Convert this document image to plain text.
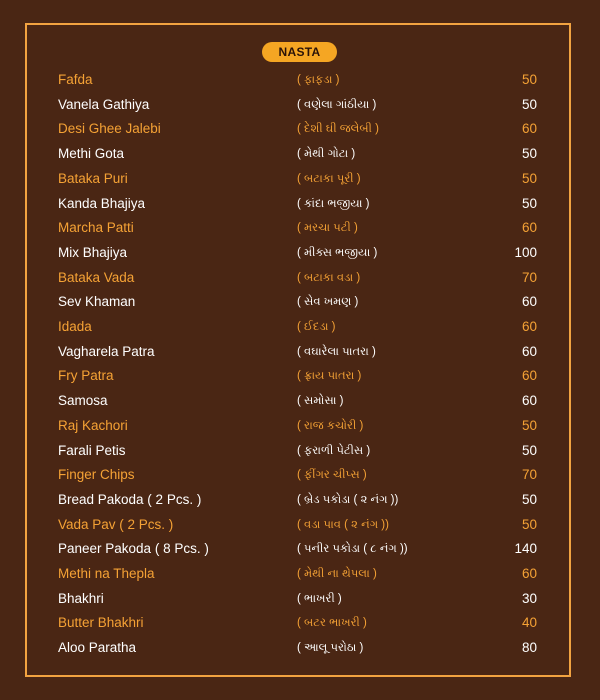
NASTA
Fafda	( ફાફડા )	50
Vanela Gathiya	( વણેલા ગાંઠીયા )	50
Desi Ghee Jalebi	( દેશી ઘી જલેબી )	60
Methi Gota	( મેથી ગોટા )	50
Bataka Puri	( બટાકા પૂરી )	50
Kanda Bhajiya	( કાંદા ભજીયા )	50
Marcha Patti	( મરચા પટી )	60
Mix Bhajiya	( મીક્સ ભજીયા )	100
Bataka Vada	( બટાકા વડા )	70
Sev Khaman	( સેવ ખમણ )	60
Idada	( ઈદડા )	60
Vagharela Patra	( વઘારેલા પાતરા )	60
Fry Patra	( ફ્રાય પાતરા )	60
Samosa	( સમોસા )	60
Raj Kachori	( રાજ કચોરી )	50
Farali Petis	( ફરાળી પેટીસ )	50
Finger Chips	( ફીંગર ચીપ્સ )	70
Bread Pakoda ( 2 Pcs. )	( બ્રેડ પકોડા ( ૨ નંગ ))	50
Vada Pav ( 2 Pcs. )	( વડા પાવ ( ૨ નંગ ))	50
Paneer Pakoda ( 8 Pcs. )	( પનીર પકોડા ( ૮ નંગ ))	140
Methi na Thepla	( મેથી ના થેપલા )	60
Bhakhri	( ભાખરી )	30
Butter Bhakhri	( બટર ભાખરી )	40
Aloo Paratha	( આલૂ પરોઠા )	80
